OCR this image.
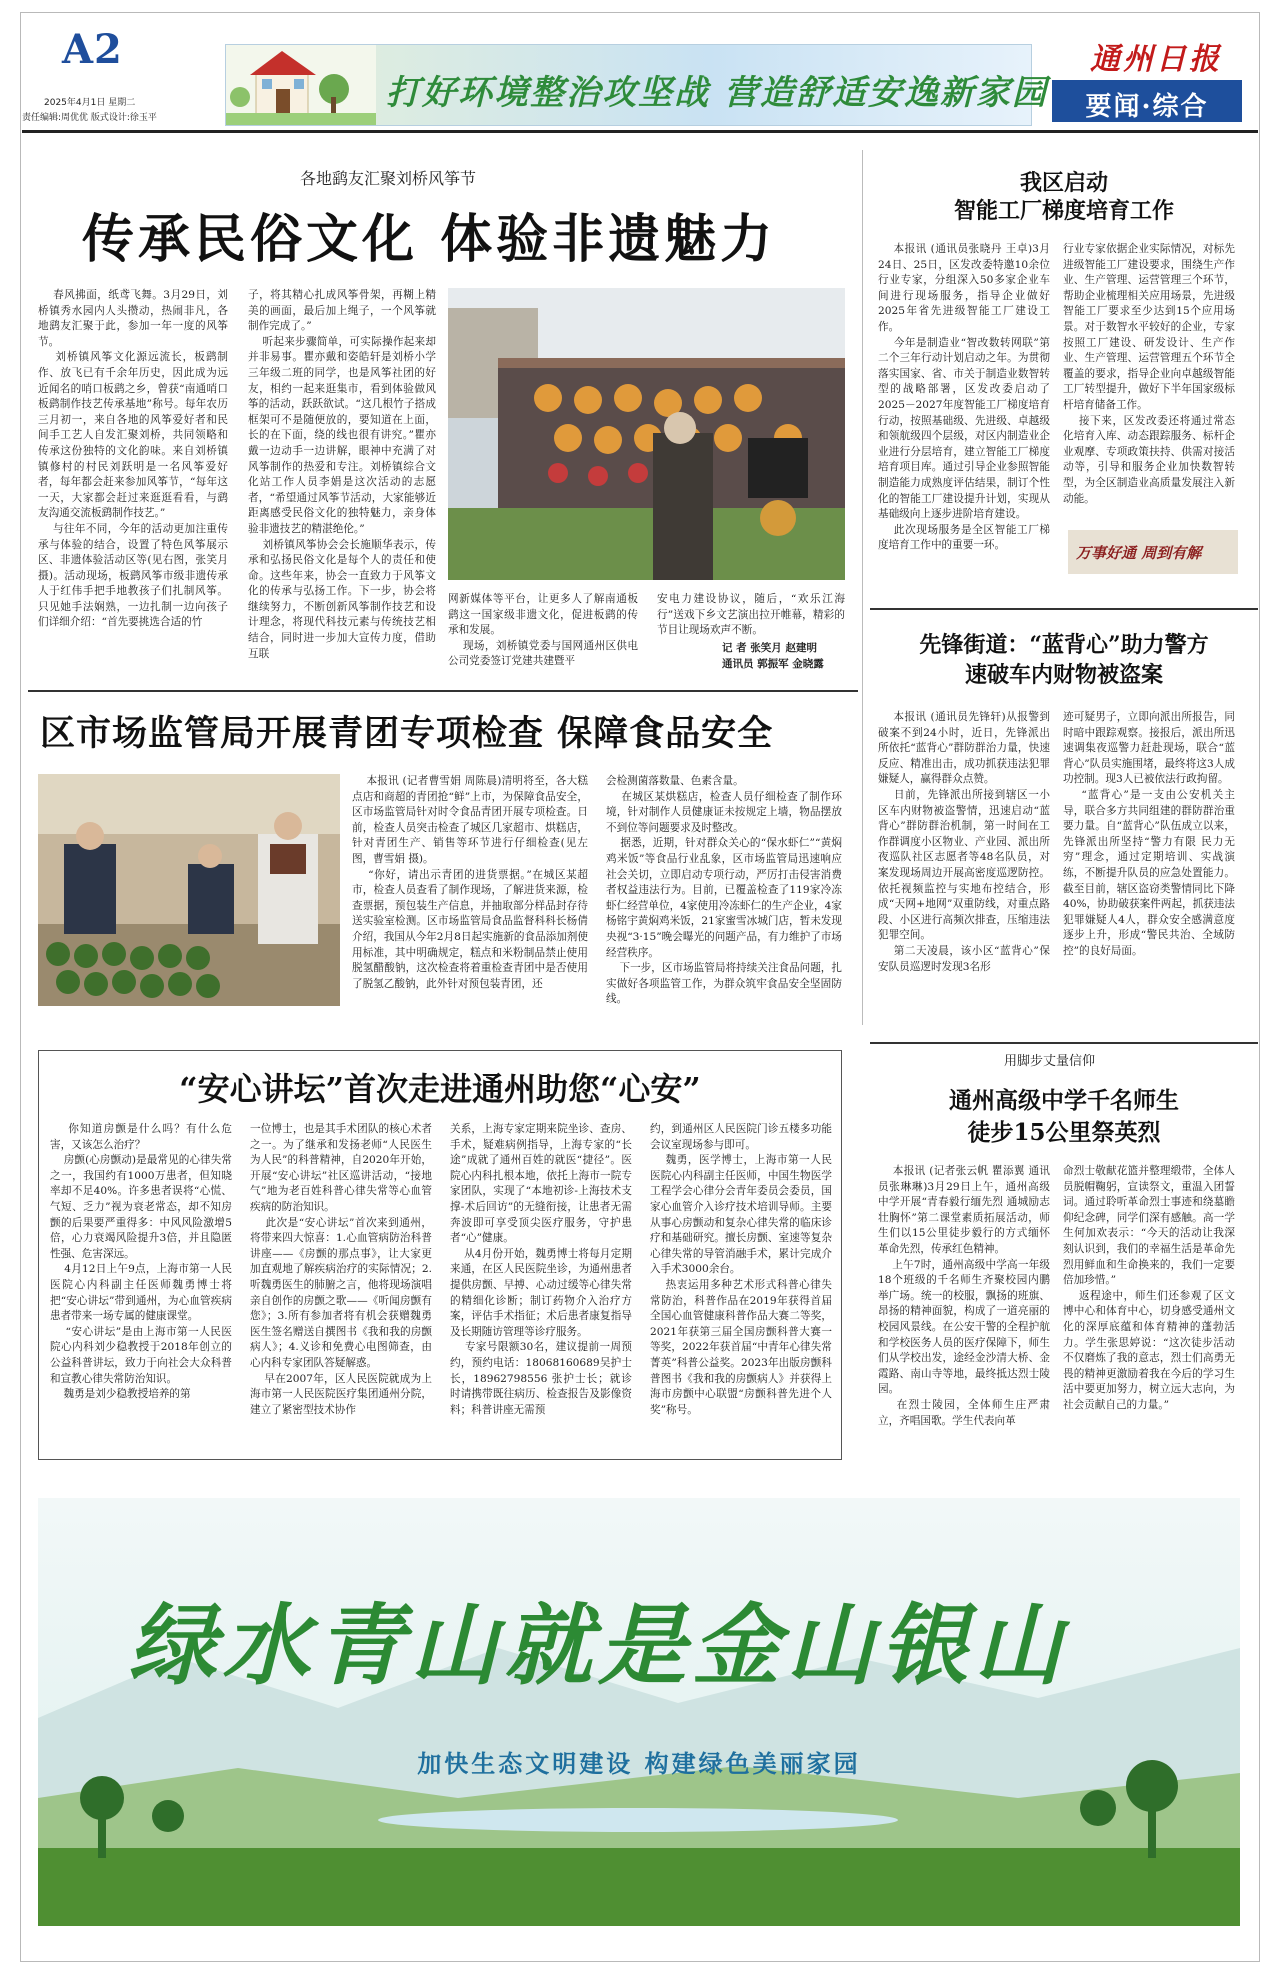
A2
2025年4月1日 星期二
责任编辑:周优优 版式设计:徐玉平
打好环境整治攻坚战 营造舒适安逸新家园
通州日报
要闻·综合
各地鹞友汇聚刘桥风筝节
传承民俗文化 体验非遗魅力
春风拂面，纸鸢飞舞。3月29日，刘桥镇秀水园内人头攒动，热闹非凡，各地鹞友汇聚于此，参加一年一度的风筝节。
刘桥镇风筝文化源远流长，板鹞制作、放飞已有千余年历史，因此成为远近闻名的哨口板鹞之乡，曾获“南通哨口板鹞制作技艺传承基地”称号。每年农历三月初一，来自各地的风筝爱好者和民间手工艺人自发汇聚刘桥，共同领略和传承这份独特的文化韵味。来自刘桥镇镇修村的村民刘跃明是一名风筝爱好者，每年都会赶来参加风筝节，“每年这一天，大家都会赶过来逛逛看看，与鹞友沟通交流板鹞制作技艺。”
与往年不同，今年的活动更加注重传承与体验的结合，设置了特色风筝展示区、非遗体验活动区等(见右图，张笑月 摄)。活动现场，板鹞风筝市级非遗传承人于红伟手把手地教孩子们扎制风筝。只见她手法娴熟，一边扎制一边向孩子们详细介绍：“首先要挑选合适的竹
子，将其精心扎成风筝骨架，再糊上精美的画面，最后加上绳子，一个风筝就制作完成了。”
听起来步骤简单，可实际操作起来却并非易事。瞿亦戴和姿皓轩是刘桥小学三年级二班的同学，也是风筝社团的好友，相约一起来逛集市，看到体验做风筝的活动，跃跃欲试。“这几根竹子搭成框架可不是随便放的，要知道在上面，长的在下面，绕的线也很有讲究。”瞿亦戴一边动手一边讲解，眼神中充满了对风筝制作的热爱和专注。刘桥镇综合文化站工作人员李娟是这次活动的志愿者，“希望通过风筝节活动，大家能够近距离感受民俗文化的独特魅力，亲身体验非遗技艺的精湛绝伦。”
刘桥镇风筝协会会长施顺华表示，传承和弘扬民俗文化是每个人的责任和使命。这些年来，协会一直致力于风筝文化的传承与弘扬工作。下一步，协会将继续努力，不断创新风筝制作技艺和设计理念，将现代科技元素与传统技艺相结合，同时进一步加大宣传力度，借助互联
网新媒体等平台，让更多人了解南通板鹞这一国家级非遗文化，促进板鹞的传承和发展。
现场，刘桥镇党委与国网通州区供电公司党委签订党建共建暨平
安电力建设协议，随后，“欢乐江海行”送戏下乡文艺演出拉开帷幕，精彩的节目让现场欢声不断。
记 者 张笑月 赵建明
通讯员 郭振军 金晓露
我区启动
智能工厂梯度培育工作
本报讯 (通讯员张晓丹 王卓)3月24日、25日，区发改委特邀10余位行业专家，分组深入50多家企业车间进行现场服务，指导企业做好2025年省先进级智能工厂建设工作。
今年是制造业“智改数转网联”第二个三年行动计划启动之年。为贯彻落实国家、省、市关于制造业数智转型的战略部署，区发改委启动了2025－2027年度智能工厂梯度培育行动，按照基础级、先进级、卓越级和领航级四个层级，对区内制造业企业进行分层培育，建立智能工厂梯度培育项目库。通过引导企业参照智能制造能力成熟度评估结果，制订个性化的智能工厂建设提升计划，实现从基础级向上逐步进阶培育建设。
此次现场服务是全区智能工厂梯度培育工作中的重要一环。
行业专家依据企业实际情况，对标先进级智能工厂建设要求，围绕生产作业、生产管理、运营管理三个环节，帮助企业梳理相关应用场景，先进级智能工厂要求至少达到15个应用场景。对于数智水平较好的企业，专家按照工厂建设、研发设计、生产作业、生产管理、运营管理五个环节全覆盖的要求，指导企业向卓越级智能工厂转型提升，做好下半年国家级标杆培育储备工作。
接下来，区发改委还将通过常态化培育入库、动态跟踪服务、标杆企业观摩、专项政策扶持、供需对接活动等，引导和服务企业加快数智转型，为全区制造业高质量发展注入新动能。
万事好通 周到有解
先锋街道：“蓝背心”助力警方
速破车内财物被盗案
本报讯 (通讯员先锋轩)从报警到破案不到24小时，近日，先锋派出所依托“蓝背心”群防群治力量，快速反应、精准出击，成功抓获违法犯罪嫌疑人，赢得群众点赞。
日前，先锋派出所接到辖区一小区车内财物被盗警情，迅速启动“蓝背心”群防群治机制，第一时间在工作群调度小区物业、产业园、派出所夜巡队社区志愿者等48名队员，对案发现场周边开展高密度巡逻防控。依托视频监控与实地布控结合，形成“天网+地网”双重防线，对重点路段、小区进行高频次排查，压缩违法犯罪空间。
第二天凌晨，该小区“蓝背心”保安队员巡逻时发现3名形
迹可疑男子，立即向派出所报告，同时暗中跟踪观察。接报后，派出所迅速调集夜巡警力赶赴现场，联合“蓝背心”队员实施围堵，最终将这3人成功控制。现3人已被依法行政拘留。
“蓝背心”是一支由公安机关主导，联合多方共同组建的群防群治重要力量。自“蓝背心”队伍成立以来，先锋派出所坚持“警力有限 民力无穷”理念，通过定期培训、实战演练，不断提升队员的应急处置能力。截至目前，辖区盗窃类警情同比下降40%，协助破获案件两起，抓获违法犯罪嫌疑人4人，群众安全感满意度逐步上升，形成“警民共治、全域防控”的良好局面。
区市场监管局开展青团专项检查 保障食品安全
本报讯 (记者曹雪娟 周陈晨)清明将至，各大糕点店和商超的青团抢“鲜”上市，为保障食品安全，区市场监管局针对时令食品青团开展专项检查。日前，检查人员突击检查了城区几家超市、烘糕店，针对青团生产、销售等环节进行仔细检查(见左图，曹雪娟 摄)。
“你好，请出示青团的进货票据。”在城区某超市，检查人员查看了制作现场，了解进货来源，检查票据，预包装生产信息，并抽取部分样品封存待送实验室检测。区市场监管局食品监督科科长杨倩介绍，我国从今年2月8日起实施新的食品添加剂使用标准，其中明确规定，糕点和米粉制品禁止使用脱氢醋酸钠，这次检查将着重检查青团中是否使用了脱氢乙酸钠，此外针对预包装青团，还
会检测菌落数量、色素含量。
在城区某烘糕店，检查人员仔细检查了制作环境，针对制作人员健康证未按规定上墙，物品摆放不到位等问题要求及时整改。
据悉，近期，针对群众关心的“保水虾仁”“黄焖鸡米饭”等食品行业乱象，区市场监管局迅速响应社会关切，立即启动专项行动，严厉打击侵害消费者权益违法行为。目前，已覆盖检查了119家冷冻虾仁经营单位，4家使用冷冻虾仁的生产企业，4家杨铭宇黄焖鸡米饭，21家蜜雪冰城门店，暂未发现央视“3·15”晚会曝光的问题产品，有力维护了市场经营秩序。
下一步，区市场监管局将持续关注食品问题，扎实做好各项监管工作，为群众筑牢食品安全坚固防线。
“安心讲坛”首次走进通州助您“心安”
你知道房颤是什么吗？有什么危害，又该怎么治疗？
房颤(心房颤动)是最常见的心律失常之一，我国约有1000万患者，但知晓率却不足40%。许多患者误将“心慌、气短、乏力”视为衰老常态，却不知房颤的后果要严重得多：中风风险激增5倍，心力衰竭风险提升3倍，并且隐匿性强、危害深远。
4月12日上午9点，上海市第一人民医院心内科副主任医师魏勇博士将把“安心讲坛”带到通州，为心血管疾病患者带来一场专属的健康课堂。
“安心讲坛”是由上海市第一人民医院心内科刘少稳教授于2018年创立的公益科普讲坛，致力于向社会大众科普和宣教心律失常防治知识。
魏勇是刘少稳教授培养的第
一位博士，也是其手术团队的核心术者之一。为了继承和发扬老师“人民医生为人民”的科普精神，自2020年开始，开展“安心讲坛”社区巡讲活动，“接地气”地为老百姓科普心律失常等心血管疾病的防治知识。
此次是“安心讲坛”首次来到通州，将带来四大惊喜：1.心血管病防治科普讲座——《房颤的那点事》，让大家更加直观地了解疾病治疗的实际情况；2.听魏勇医生的肺腑之言，他将现场演唱亲自创作的房颤之歌——《听闻房颤有您》；3.所有参加者将有机会获赠魏勇医生签名赠送自撰图书《我和我的房颤病人》；4.义诊和免费心电图筛查，由心内科专家团队答疑解惑。
早在2007年，区人民医院就成为上海市第一人民医院医疗集团通州分院，建立了紧密型技术协作
关系，上海专家定期来院坐诊、查房、手术，疑难病例指导，上海专家的“长途”成就了通州百姓的就医“捷径”。医院心内科扎根本地，依托上海市一院专家团队，实现了“本地初诊-上海技术支撑-术后回访”的无缝衔接，让患者无需奔波即可享受顶尖医疗服务，守护患者“心”健康。
从4月份开始，魏勇博士将每月定期来通，在区人民医院坐诊，为通州患者提供房颤、早搏、心动过缓等心律失常的精细化诊断；制订药物介入治疗方案，评估手术指征；术后患者康复指导及长期随访管理等诊疗服务。
专家号限额30名，建议提前一周预约，预约电话：18068160689吴护士长，18962798556 张护士长；就诊时请携带既往病历、检查报告及影像资料；科普讲座无需预
约，到通州区人民医院门诊五楼多功能会议室现场参与即可。
魏勇，医学博士，上海市第一人民医院心内科副主任医师，中国生物医学工程学会心律分会青年委员会委员，国家心血管介入诊疗技术培训导师。主要从事心房颤动和复杂心律失常的临床诊疗和基础研究。擅长房颤、室速等复杂心律失常的导管消融手术，累计完成介入手术3000余台。
热衷运用多种艺术形式科普心律失常防治，科普作品在2019年获得首届全国心血管健康科普作品大赛二等奖，2021年获第三届全国房颤科普大赛一等奖，2022年获首届“中青年心律失常菁英”科普公益奖。2023年出版房颤科普图书《我和我的房颤病人》并获得上海市房颤中心联盟“房颤科普先进个人奖”称号。
用脚步丈量信仰
通州高级中学千名师生
徒步15公里祭英烈
本报讯 (记者张云帆 瞿添翼 通讯员张琳琳)3月29日上午，通州高级中学开展“青春毅行缅先烈 通城励志壮胸怀”第二课堂素质拓展活动，师生们以15公里徒步毅行的方式缅怀革命先烈，传承红色精神。
上午7时，通州高级中学高一年级18个班级的千名师生齐聚校园内鹏举广场。统一的校服，飘扬的班旗、昂扬的精神面貌，构成了一道亮丽的校园风景线。在公安干警的全程护航和学校医务人员的医疗保障下，师生们从学校出发，途经金沙清大桥、金霞路、南山寺等地，最终抵达烈士陵园。
在烈士陵园，全体师生庄严肃立，齐唱国歌。学生代表向革
命烈士敬献花篮并整理缎带，全体人员脱帽鞠躬，宣读祭文，重温入团誓词。通过聆听革命烈士事迹和绕墓瞻仰纪念碑，同学们深有感触。高一学生何加欢表示：“今天的活动让我深刻认识到，我们的幸福生活是革命先烈用鲜血和生命换来的，我们一定要倍加珍惜。”
返程途中，师生们还参观了区文博中心和体育中心，切身感受通州文化的深厚底蕴和体育精神的蓬勃活力。学生张思婷说：“这次徒步活动不仅磨炼了我的意志，烈士们高勇无畏的精神更激励着我在今后的学习生活中要更加努力，树立远大志向，为社会贡献自己的力量。”
绿水青山就是金山银山
加快生态文明建设 构建绿色美丽家园
